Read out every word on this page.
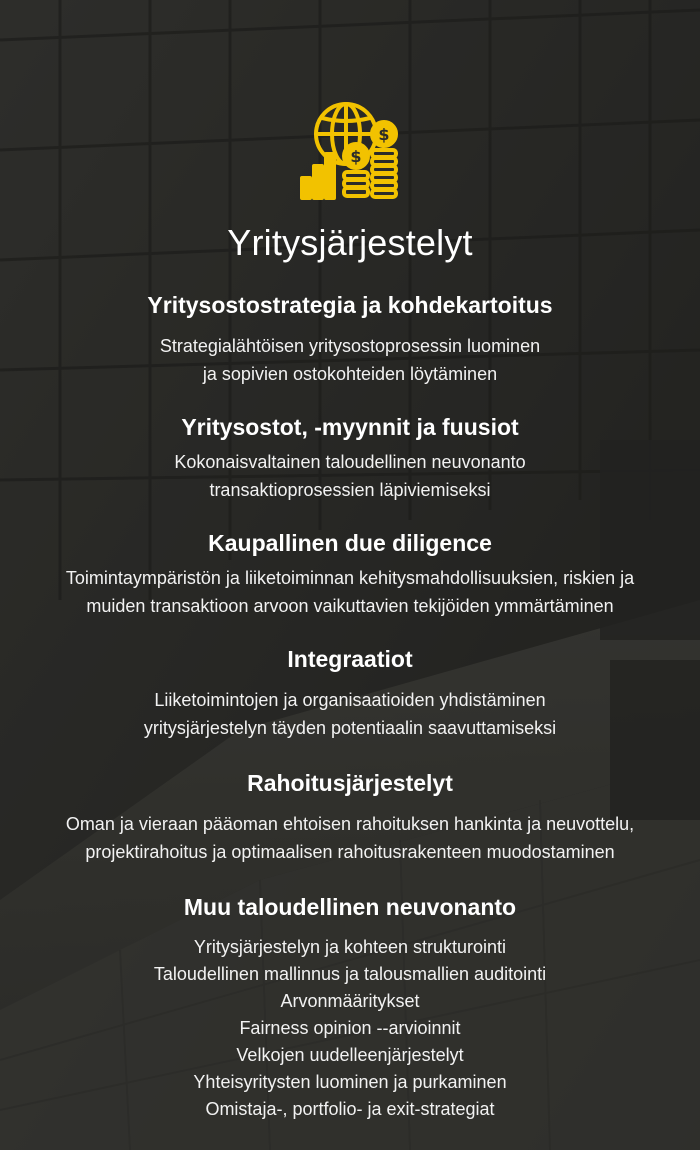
$
$
Yritysjärjestelyt
Yritysostostrategia ja kohdekartoitus

Strategialähtöisen yritysostoprosessin luominen
ja sopivien ostokohteiden löytäminen

Yritysostot, -myynnit ja fuusiot

Kokonaisvaltainen taloudellinen neuvonanto
transaktioprosessien läpiviemiseksi

Kaupallinen due diligence

Toimintaympäristön ja liiketoiminnan kehitysmahdollisuuksien, riskien ja
muiden transaktioon arvoon vaikuttavien tekijöiden ymmärtäminen

Integraatiot

Liiketoimintojen ja organisaatioiden yhdistäminen
yritysjärjestelyn täyden potentiaalin saavuttamiseksi

Rahoitusjärjestelyt

Oman ja vieraan pääoman ehtoisen rahoituksen hankinta ja neuvottelu,
projektirahoitus ja optimaalisen rahoitusrakenteen muodostaminen

Muu taloudellinen neuvonanto
Yritysjärjestelyn ja kohteen strukturointi
Taloudellinen mallinnus ja talousmallien auditointi
Arvonmääritykset
Fairness opinion --arvioinnit
Velkojen uudelleenjärjestelyt
Yhteisyritysten luominen ja purkaminen
Omistaja-, portfolio- ja exit-strategiat
